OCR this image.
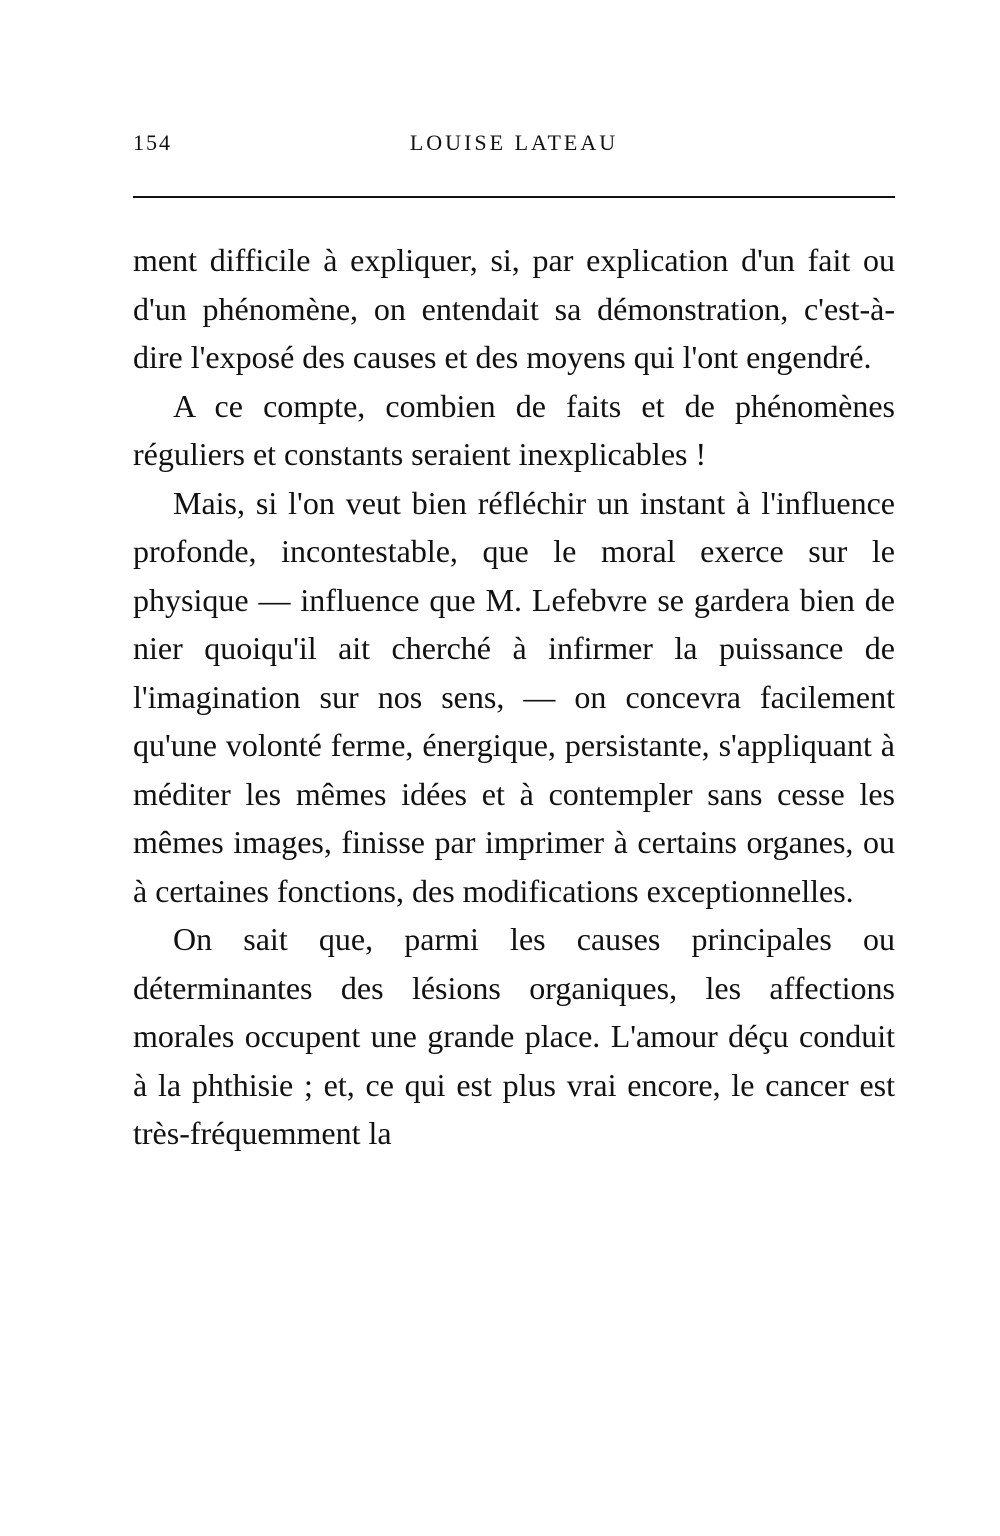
154	LOUISE LATEAU

ment difficile à expliquer, si, par explication d'un fait ou d'un phénomène, on entendait sa démonstration, c'est-à-dire l'exposé des causes et des moyens qui l'ont engendré.

A ce compte, combien de faits et de phénomènes réguliers et constants seraient inexplicables !

Mais, si l'on veut bien réfléchir un instant à l'influence profonde, incontestable, que le moral exerce sur le physique — influence que M. Lefebvre se gardera bien de nier quoiqu'il ait cherché à infirmer la puissance de l'imagination sur nos sens, — on concevra facilement qu'une volonté ferme, énergique, persistante, s'appliquant à méditer les mêmes idées et à contempler sans cesse les mêmes images, finisse par imprimer à certains organes, ou à certaines fonctions, des modifications exceptionnelles.

On sait que, parmi les causes principales ou déterminantes des lésions organiques, les affections morales occupent une grande place. L'amour déçu conduit à la phthisie ; et, ce qui est plus vrai encore, le cancer est très-fréquemment la
